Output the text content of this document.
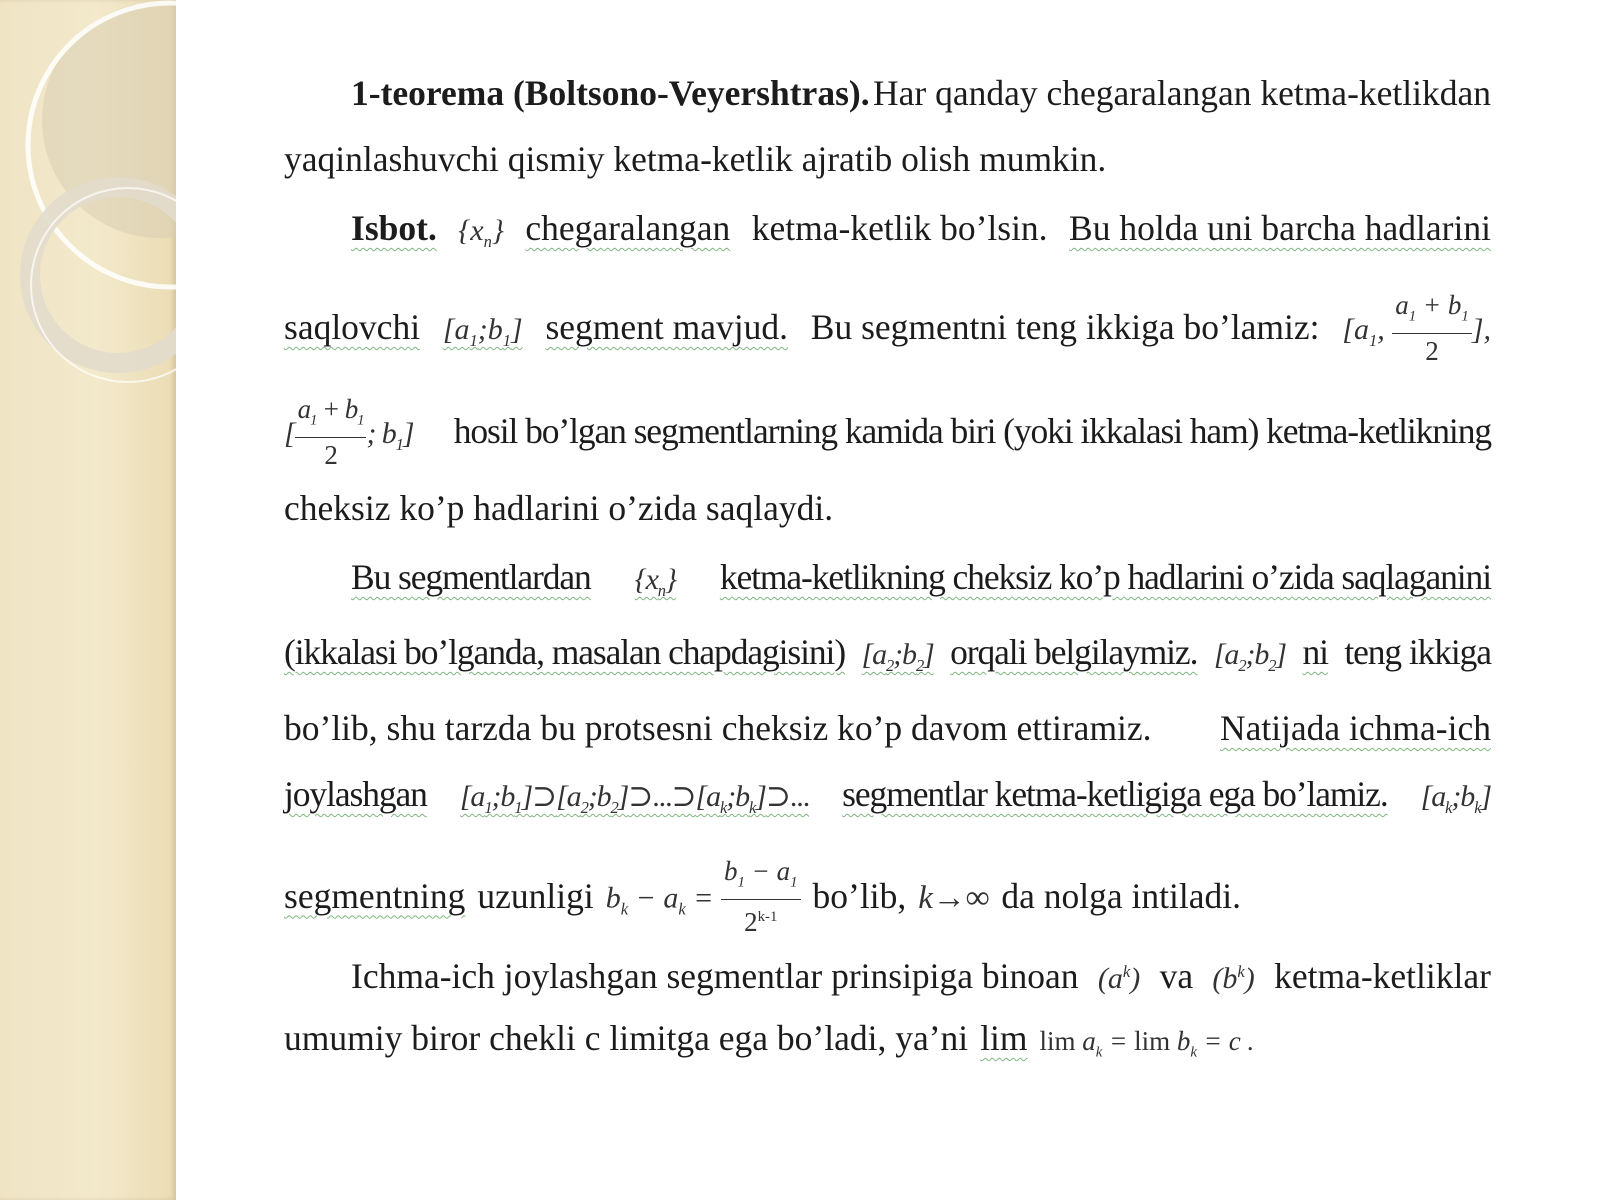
1-teorema (Boltsono-Veyershtras). Har qanday chegaralangan ketma-ketlikdan
yaqinlashuvchi qismiy ketma-ketlik ajratib olish mumkin.
Isbot. $\{x_n\}$ chegaralangan ketma-ketlik bo’lsin. Bu holda uni barcha hadlarini
saqlovchi $[a_1;b_1]$ segment mavjud. Bu segmentni teng ikkiga bo’lamiz: [$a_1$, $\frac{a_1 + b_1}{2}$ ],
[ $\frac{a_1 + b_1}{2}$ ; $b_1$] hosil bo’lgan segmentlarning kamida biri (yoki ikkalasi ham) ketma-ketlikning
cheksiz ko’p hadlarini o’zida saqlaydi.
Bu segmentlardan $\{x_n\}$ ketma-ketlikning cheksiz ko’p hadlarini o’zida saqlaganini
(ikkalasi bo’lganda, masalan chapdagisini) $[a_2;b_2]$ orqali belgilaymiz. $[a_2;b_2]$ ni teng ikkiga
bo’lib, shu tarzda bu protsesni cheksiz ko’p davom ettiramiz. Natijada ichma-ich
joylashgan $[a_1;b_1]⊃[a_2;b_2]⊃...⊃[a_k;b_k]⊃$... segmentlar ketma-ketligiga ega bo’lamiz. $[a_k;b_k]$
segmentning uzunligi $b_k - a_k = \frac{b_1 - a_1}{2^{k-1}}$ bo’lib, k→∞ da nolga intiladi.
Ichma-ich joylashgan segmentlar prinsipiga binoan $(a^k)$ va $(b^k)$ ketma-ketliklar
umumiy biror chekli c limitga ega bo’ladi, ya’ni $\lim \lim a_k = \lim b_k = c$ .
